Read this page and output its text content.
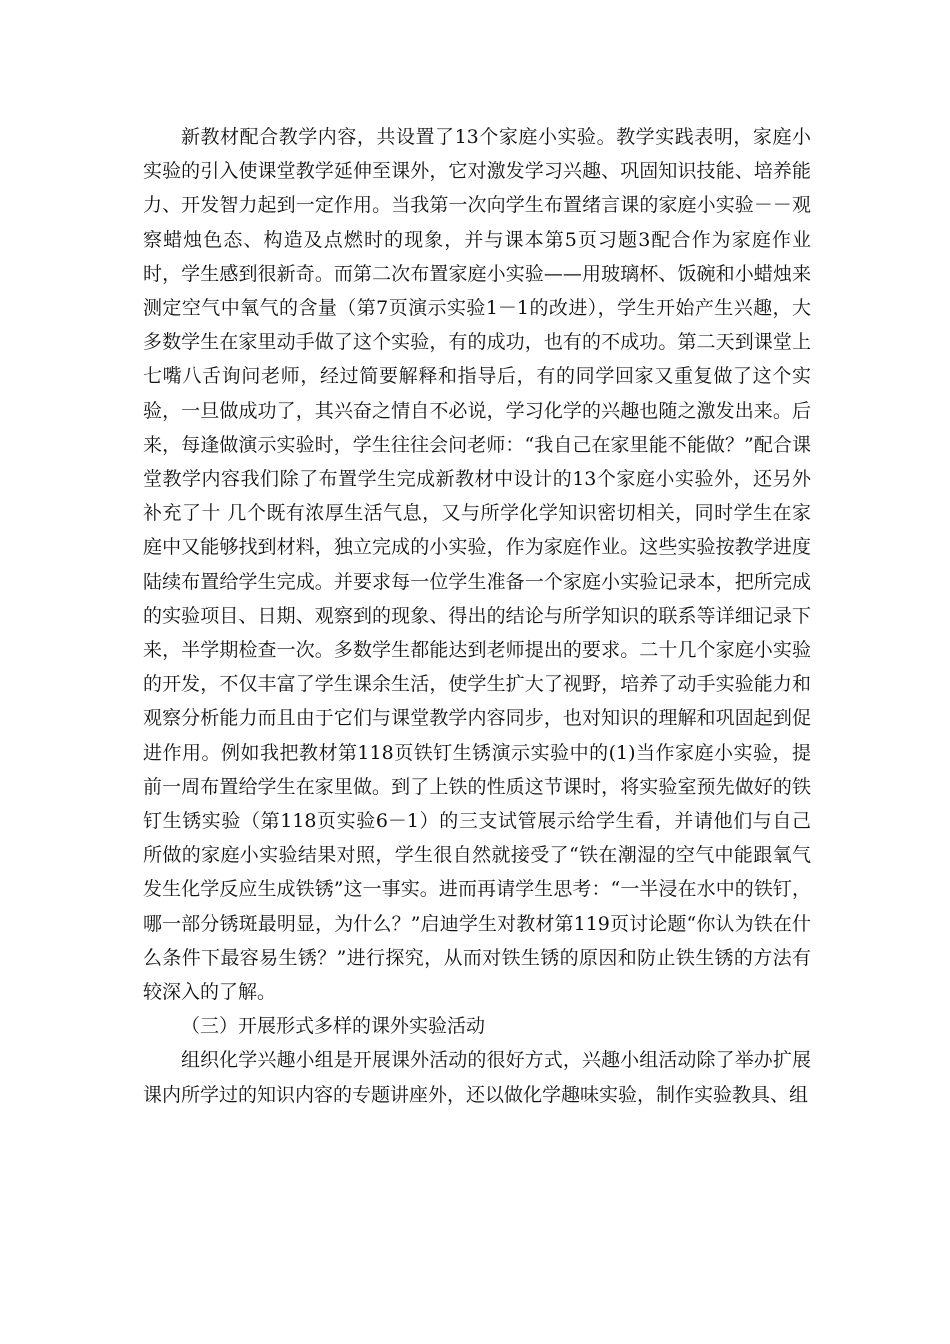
新教材配合教学内容，共设置了13个家庭小实验。教学实践表明，家庭小实验的引入使课堂教学延伸至课外，它对激发学习兴趣、巩固知识技能、培养能力、开发智力起到一定作用。当我第一次向学生布置绪言课的家庭小实验－－观察蜡烛色态、构造及点燃时的现象，并与课本第5页习题3配合作为家庭作业时，学生感到很新奇。而第二次布置家庭小实验——用玻璃杯、饭碗和小蜡烛来测定空气中氧气的含量（第7页演示实验1－1的改进），学生开始产生兴趣，大多数学生在家里动手做了这个实验，有的成功，也有的不成功。第二天到课堂上七嘴八舌询问老师，经过简要解释和指导后，有的同学回家又重复做了这个实验，一旦做成功了，其兴奋之情自不必说，学习化学的兴趣也随之激发出来。后来，每逢做演示实验时，学生往往会问老师：“我自己在家里能不能做？”配合课堂教学内容我们除了布置学生完成新教材中设计的13个家庭小实验外，还另外补充了十 几个既有浓厚生活气息，又与所学化学知识密切相关，同时学生在家庭中又能够找到材料，独立完成的小实验，作为家庭作业。这些实验按教学进度陆续布置给学生完成。并要求每一位学生准备一个家庭小实验记录本，把所完成的实验项目、日期、观察到的现象、得出的结论与所学知识的联系等详细记录下来，半学期检查一次。多数学生都能达到老师提出的要求。二十几个家庭小实验的开发，不仅丰富了学生课余生活，使学生扩大了视野，培养了动手实验能力和观察分析能力而且由于它们与课堂教学内容同步，也对知识的理解和巩固起到促进作用。例如我把教材第118页铁钉生锈演示实验中的(1)当作家庭小实验，提前一周布置给学生在家里做。到了上铁的性质这节课时，将实验室预先做好的铁钉生锈实验（第118页实验6－1）的三支试管展示给学生看，并请他们与自己所做的家庭小实验结果对照，学生很自然就接受了“铁在潮湿的空气中能跟氧气发生化学反应生成铁锈”这一事实。进而再请学生思考：“一半浸在水中的铁钉，哪一部分锈斑最明显，为什么？”启迪学生对教材第119页讨论题“你认为铁在什么条件下最容易生锈？”进行探究，从而对铁生锈的原因和防止铁生锈的方法有较深入的了解。

（三）开展形式多样的课外实验活动

组织化学兴趣小组是开展课外活动的很好方式，兴趣小组活动除了举办扩展课内所学过的知识内容的专题讲座外，还以做化学趣味实验，制作实验教具、组
